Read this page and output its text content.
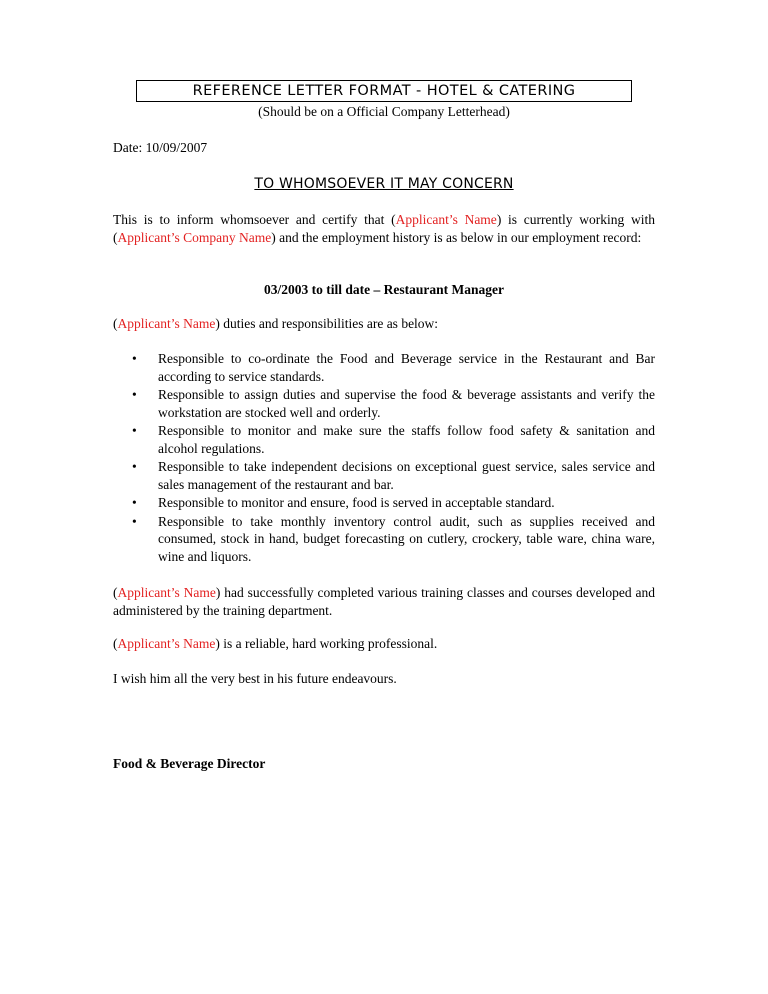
REFERENCE LETTER FORMAT - HOTEL & CATERING
(Should be on a Official Company Letterhead)
Date: 10/09/2007
TO WHOMSOEVER IT MAY CONCERN
This is to inform whomsoever and certify that (Applicant’s Name) is currently working with (Applicant’s Company Name) and the employment history is as below in our employment record:
03/2003 to till date – Restaurant Manager
(Applicant’s Name) duties and responsibilities are as below:
• Responsible to co-ordinate the Food and Beverage service in the Restaurant and Bar according to service standards.
• Responsible to assign duties and supervise the food & beverage assistants and verify the workstation are stocked well and orderly.
• Responsible to monitor and make sure the staffs follow food safety & sanitation and alcohol regulations.
• Responsible to take independent decisions on exceptional guest service, sales service and sales management of the restaurant and bar.
• Responsible to monitor and ensure, food is served in acceptable standard.
• Responsible to take monthly inventory control audit, such as supplies received and consumed, stock in hand, budget forecasting on cutlery, crockery, table ware, china ware, wine and liquors.
(Applicant’s Name) had successfully completed various training classes and courses developed and administered by the training department.
(Applicant’s Name) is a reliable, hard working professional.
I wish him all the very best in his future endeavours.
Food & Beverage Director
